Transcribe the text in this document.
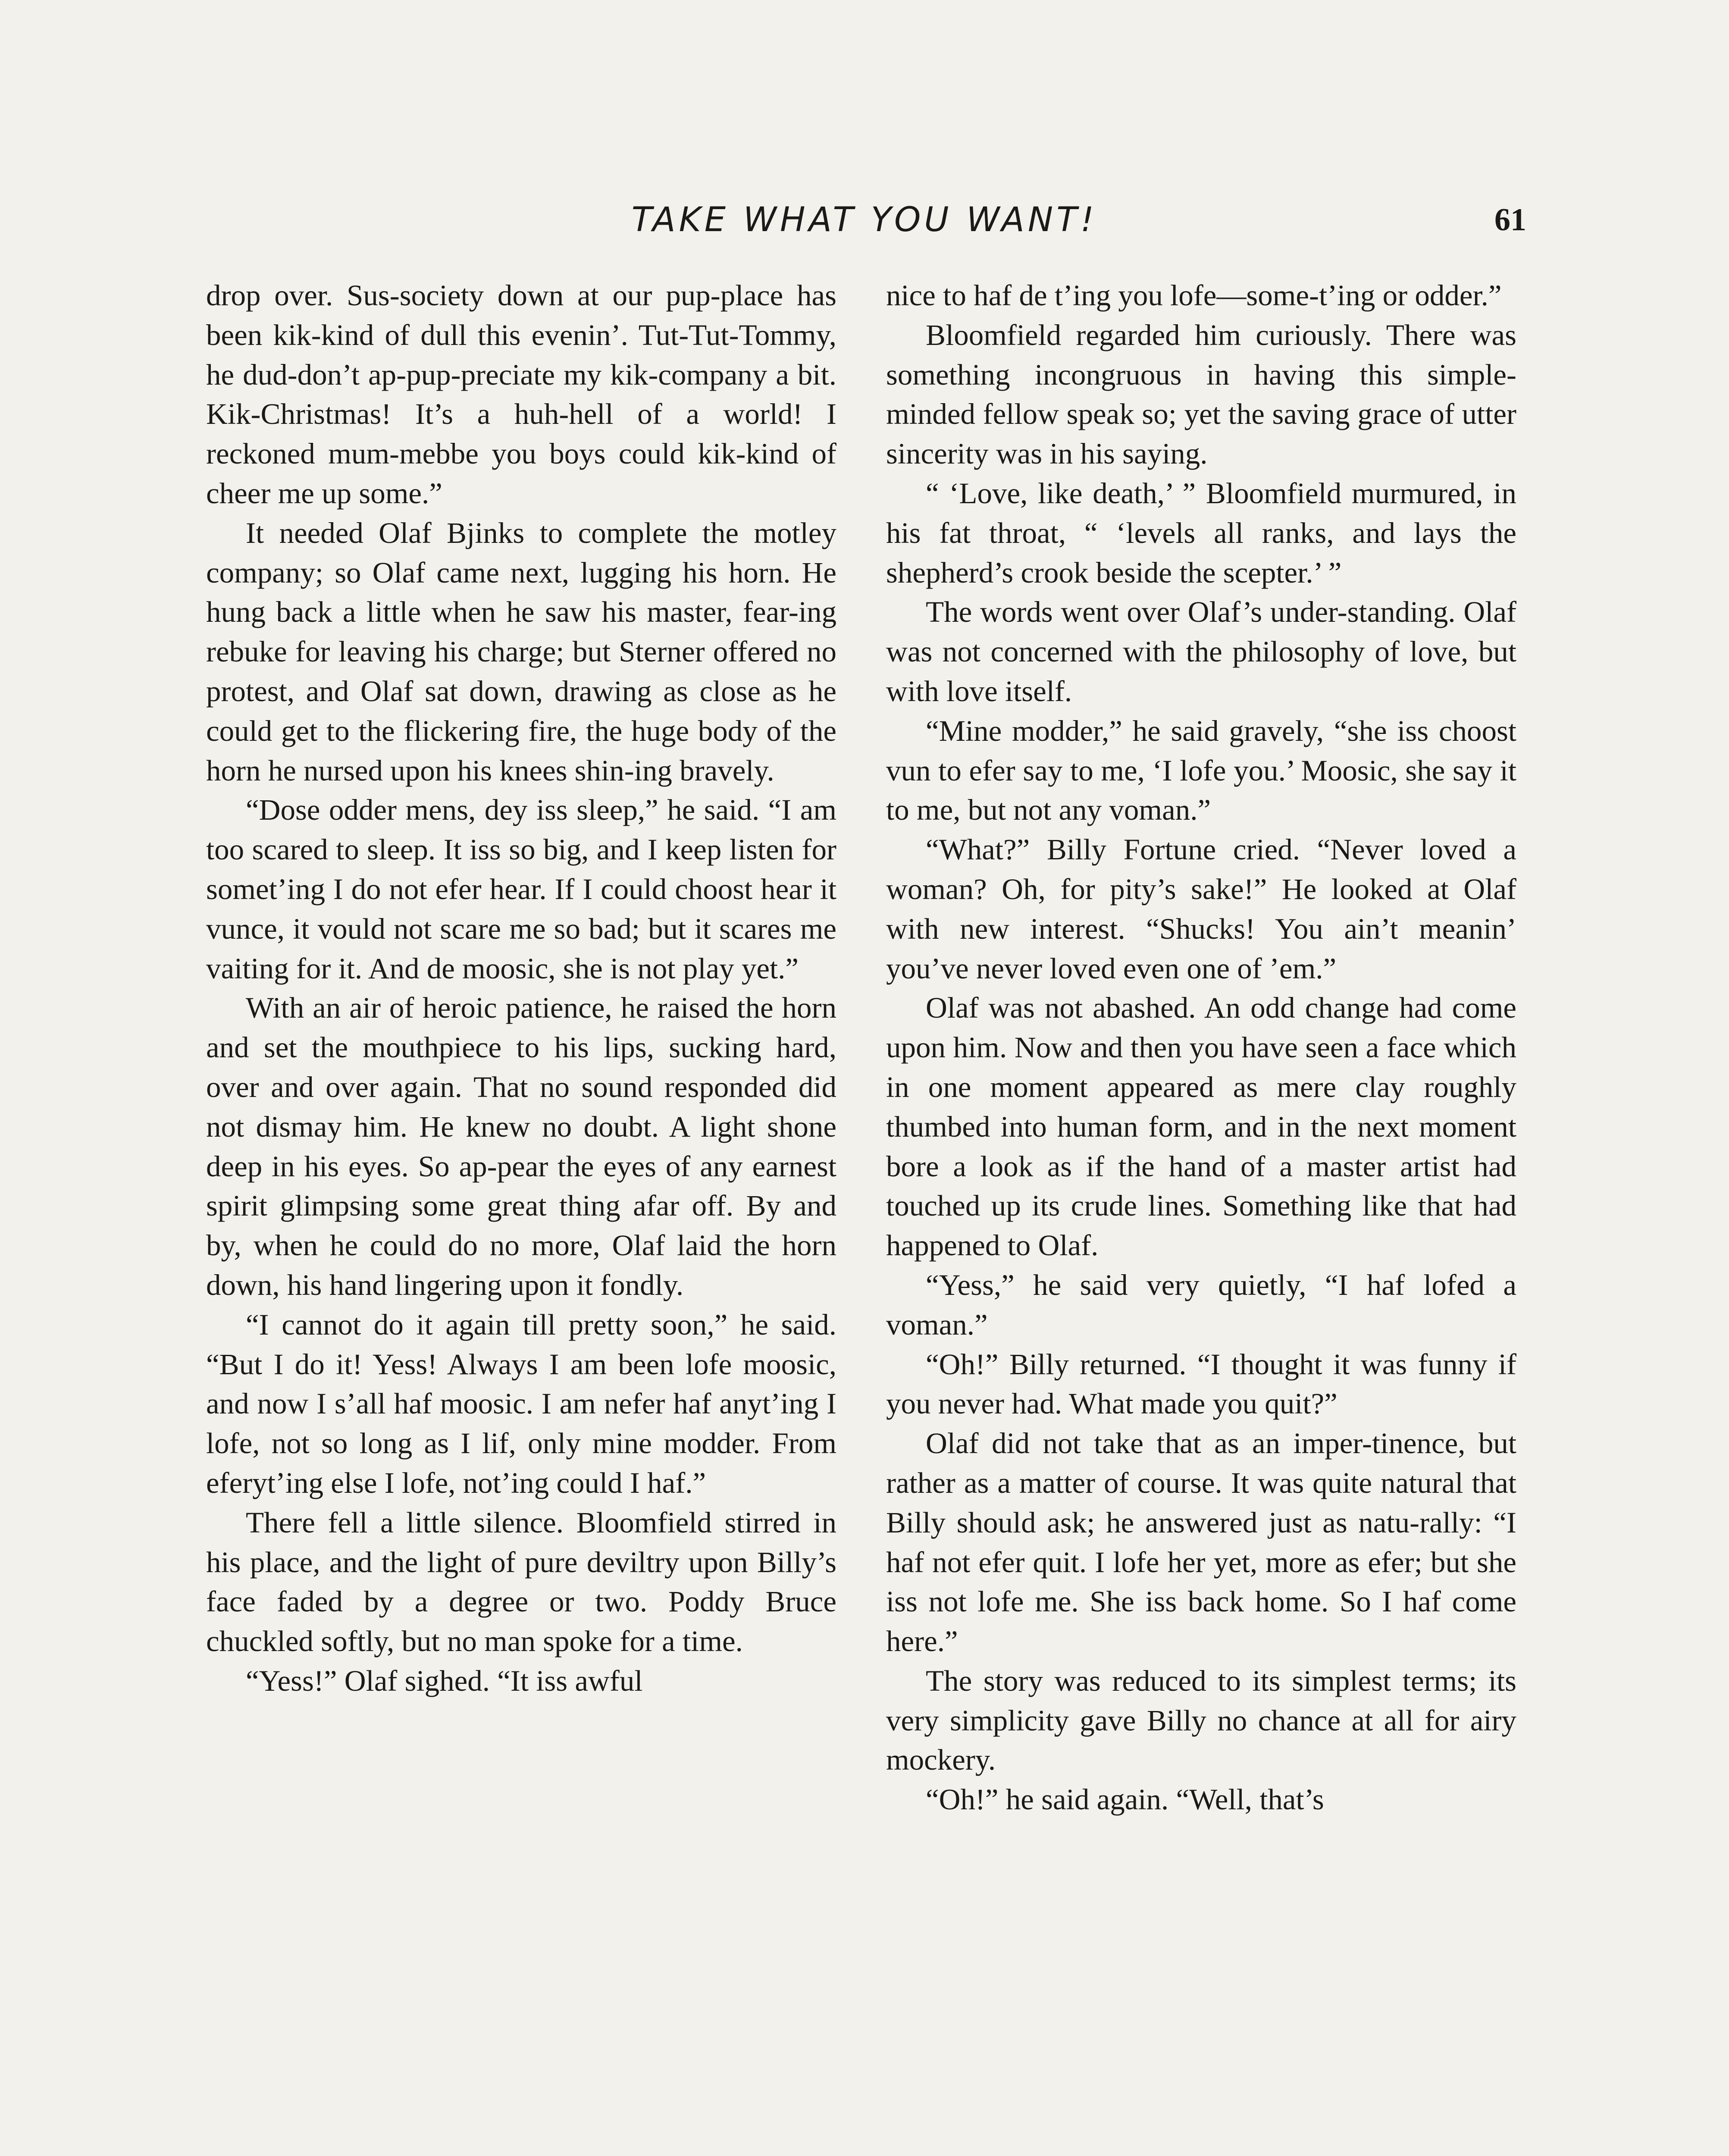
TAKE WHAT YOU WANT!	61

drop over. Sus-society down at our pup-place has been kik-kind of dull this evenin’. Tut-Tut-Tommy, he dud-don’t ap-pup-preciate my kik-company a bit. Kik-Christmas! It’s a huh-hell of a world! I reckoned mum-mebbe you boys could kik-kind of cheer me up some.”

It needed Olaf Bjinks to complete the motley company; so Olaf came next, lugging his horn. He hung back a little when he saw his master, fear-ing rebuke for leaving his charge; but Sterner offered no protest, and Olaf sat down, drawing as close as he could get to the flickering fire, the huge body of the horn he nursed upon his knees shin-ing bravely.

“Dose odder mens, dey iss sleep,” he said. “I am too scared to sleep. It iss so big, and I keep listen for somet’ing I do not efer hear. If I could choost hear it vunce, it vould not scare me so bad; but it scares me vaiting for it. And de moosic, she is not play yet.”

With an air of heroic patience, he raised the horn and set the mouthpiece to his lips, sucking hard, over and over again. That no sound responded did not dismay him. He knew no doubt. A light shone deep in his eyes. So ap-pear the eyes of any earnest spirit glimpsing some great thing afar off. By and by, when he could do no more, Olaf laid the horn down, his hand lingering upon it fondly.

“I cannot do it again till pretty soon,” he said. “But I do it! Yess! Always I am been lofe moosic, and now I s’all haf moosic. I am nefer haf anyt’ing I lofe, not so long as I lif, only mine modder. From eferyt’ing else I lofe, not’ing could I haf.”

There fell a little silence. Bloomfield stirred in his place, and the light of pure deviltry upon Billy’s face faded by a degree or two. Poddy Bruce chuckled softly, but no man spoke for a time.

“Yess!” Olaf sighed. “It iss awful

nice to haf de t’ing you lofe—some-t’ing or odder.”

Bloomfield regarded him curiously. There was something incongruous in having this simple-minded fellow speak so; yet the saving grace of utter sincerity was in his saying.

“ ‘Love, like death,’ ” Bloomfield murmured, in his fat throat, “ ‘levels all ranks, and lays the shepherd’s crook beside the scepter.’ ”

The words went over Olaf’s under-standing. Olaf was not concerned with the philosophy of love, but with love itself.

“Mine modder,” he said gravely, “she iss choost vun to efer say to me, ‘I lofe you.’ Moosic, she say it to me, but not any voman.”

“What?” Billy Fortune cried. “Never loved a woman? Oh, for pity’s sake!” He looked at Olaf with new interest. “Shucks! You ain’t meanin’ you’ve never loved even one of ’em.”

Olaf was not abashed. An odd change had come upon him. Now and then you have seen a face which in one moment appeared as mere clay roughly thumbed into human form, and in the next moment bore a look as if the hand of a master artist had touched up its crude lines. Something like that had happened to Olaf.

“Yess,” he said very quietly, “I haf lofed a voman.”

“Oh!” Billy returned. “I thought it was funny if you never had. What made you quit?”

Olaf did not take that as an imper-tinence, but rather as a matter of course. It was quite natural that Billy should ask; he answered just as natu-rally: “I haf not efer quit. I lofe her yet, more as efer; but she iss not lofe me. She iss back home. So I haf come here.”

The story was reduced to its simplest terms; its very simplicity gave Billy no chance at all for airy mockery.

“Oh!” he said again. “Well, that’s
